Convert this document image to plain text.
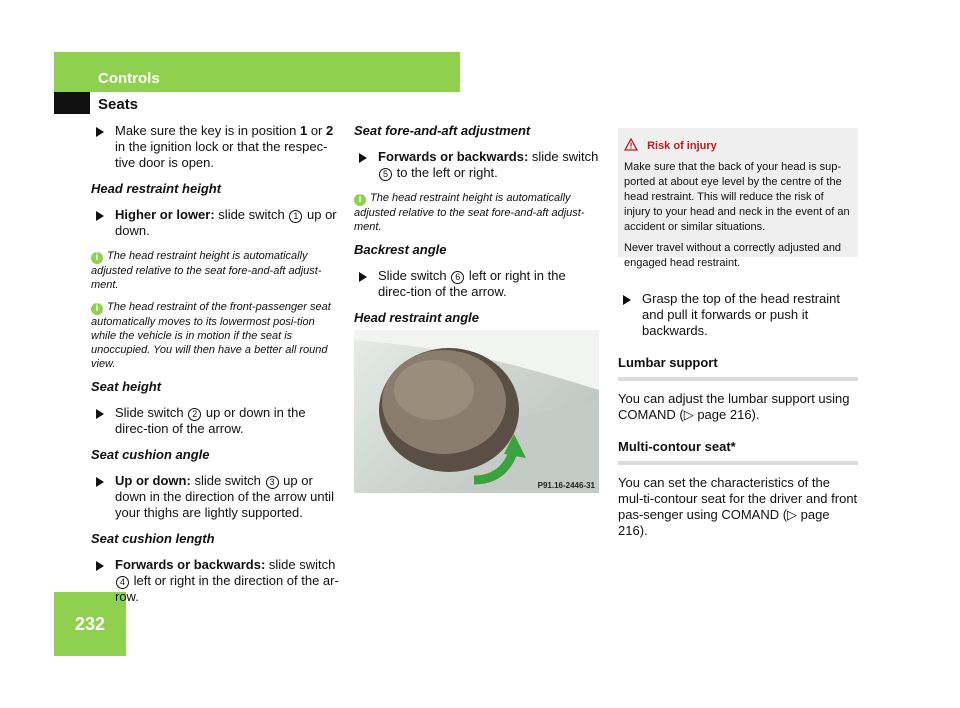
Controls
Seats
232
Make sure the key is in position 1 or 2 in the ignition lock or that the respec-tive door is open.
Head restraint height
Higher or lower: slide switch 1 up or down.
i The head restraint height is automatically adjusted relative to the seat fore-and-aft adjust-ment.
i The head restraint of the front-passenger seat automatically moves to its lowermost posi-tion while the vehicle is in motion if the seat is unoccupied. You will then have a better all round view.
Seat height
Slide switch 2 up or down in the direc-tion of the arrow.
Seat cushion angle
Up or down: slide switch 3 up or down in the direction of the arrow until your thighs are lightly supported.
Seat cushion length
Forwards or backwards: slide switch 4 left or right in the direction of the ar-row.
Seat fore-and-aft adjustment
Forwards or backwards: slide switch 5 to the left or right.
i The head restraint height is automatically adjusted relative to the seat fore-and-aft adjust-ment.
Backrest angle
Slide switch 6 left or right in the direc-tion of the arrow.
Head restraint angle
P91.16-2446-31
Risk of injury
Make sure that the back of your head is sup-ported at about eye level by the centre of the head restraint. This will reduce the risk of injury to your head and neck in the event of an accident or similar situations.
Never travel without a correctly adjusted and engaged head restraint.
Grasp the top of the head restraint and pull it forwards or push it backwards.
Lumbar support
You can adjust the lumbar support using COMAND (▷ page 216).
Multi-contour seat*
You can set the characteristics of the mul-ti-contour seat for the driver and front pas-senger using COMAND (▷ page 216).
